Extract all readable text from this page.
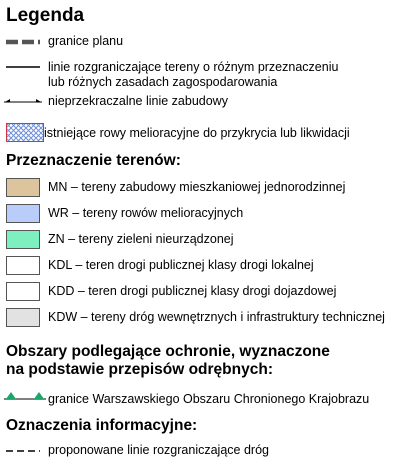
Legenda
granice planu
linie rozgraniczające tereny o różnym przeznaczeniu
lub różnych zasadach zagospodarowania
nieprzekraczalne linie zabudowy
istniejące rowy melioracyjne do przykrycia lub likwidacji
Przeznaczenie terenów:
MN – tereny zabudowy mieszkaniowej jednorodzinnej
WR – tereny rowów melioracyjnych
ZN – tereny zieleni nieurządzonej
KDL – teren drogi publicznej klasy drogi lokalnej
KDD – teren drogi publicznej klasy drogi dojazdowej
KDW – tereny dróg wewnętrznych i infrastruktury technicznej
Obszary podlegające ochronie, wyznaczone
na podstawie przepisów odrębnych:
granice Warszawskiego Obszaru Chronionego Krajobrazu
Oznaczenia informacyjne:
proponowane linie rozgraniczające dróg
